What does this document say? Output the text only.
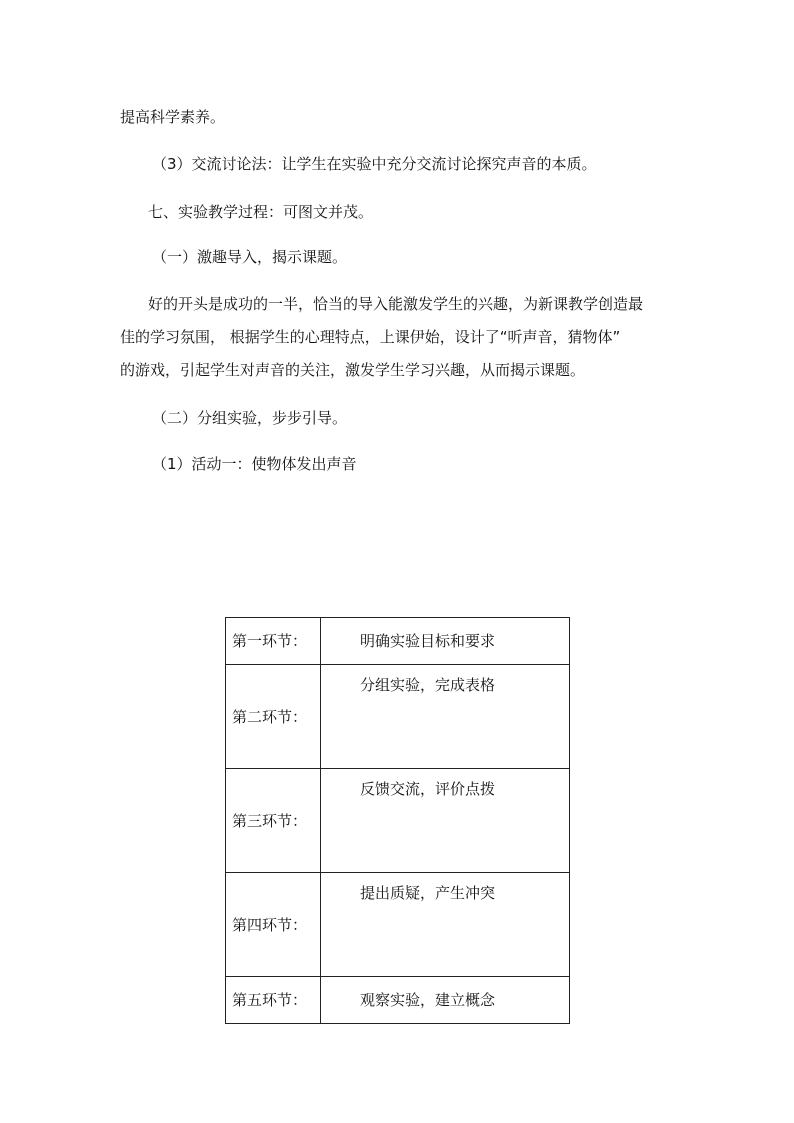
提高科学素养。
（3）交流讨论法：让学生在实验中充分交流讨论探究声音的本质。
七、实验教学过程：可图文并茂。
（一）激趣导入，揭示课题。
好的开头是成功的一半，恰当的导入能激发学生的兴趣，为新课教学创造最
佳的学习氛围， 根据学生的心理特点，上课伊始，设计了“听声音，猜物体”
的游戏，引起学生对声音的关注，激发学生学习兴趣，从而揭示课题。
（二）分组实验，步步引导。
（1）活动一：使物体发出声音
第一环节：	明确实验目标和要求
第二环节：	分组实验，完成表格
第三环节：	反馈交流，评价点拨
第四环节：	提出质疑，产生冲突
第五环节：	观察实验，建立概念
